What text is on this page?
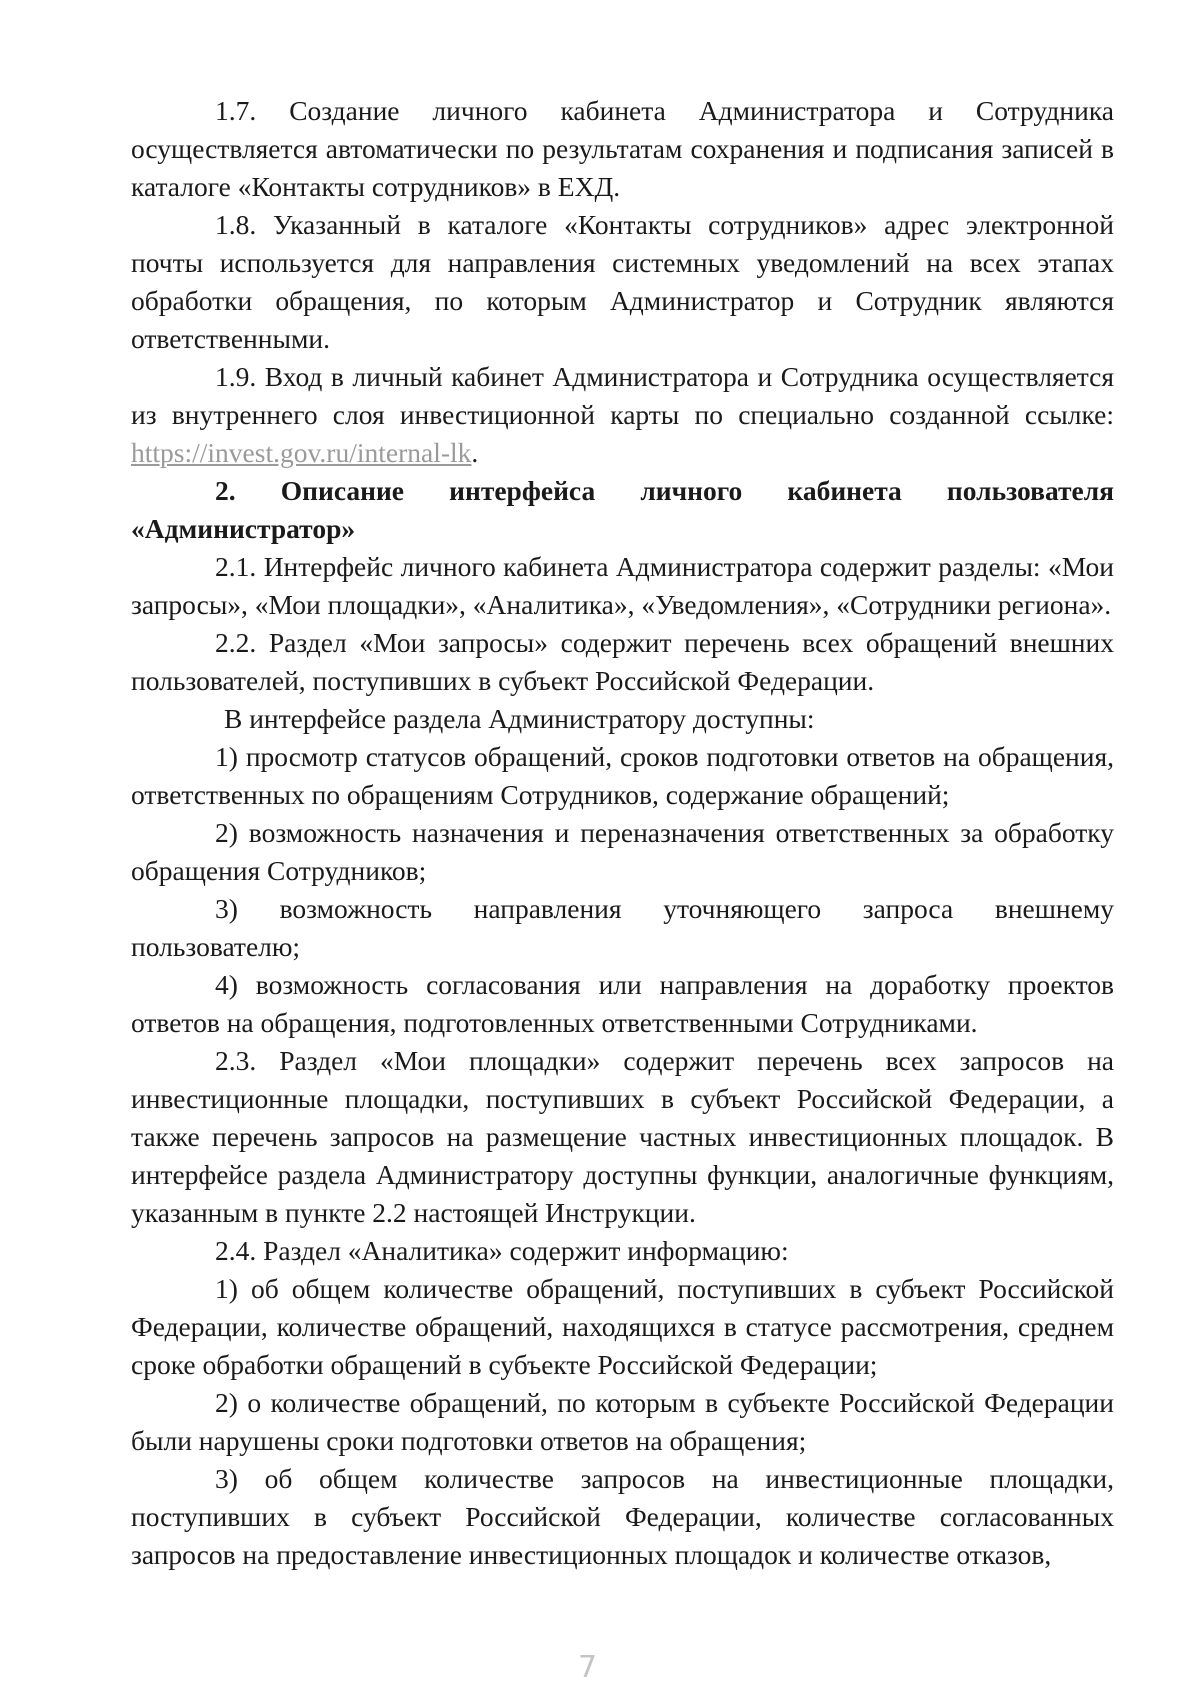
1.7. Создание личного кабинета Администратора и Сотрудника осуществляется автоматически по результатам сохранения и подписания записей в каталоге «Контакты сотрудников» в ЕХД.

1.8. Указанный в каталоге «Контакты сотрудников» адрес электронной почты используется для направления системных уведомлений на всех этапах обработки обращения, по которым Администратор и Сотрудник являются ответственными.

1.9. Вход в личный кабинет Администратора и Сотрудника осуществляется из внутреннего слоя инвестиционной карты по специально созданной ссылке: https://invest.gov.ru/internal-lk.

2. Описание интерфейса личного кабинета пользователя «Администратор»

2.1. Интерфейс личного кабинета Администратора содержит разделы: «Мои запросы», «Мои площадки», «Аналитика», «Уведомления», «Сотрудники региона».

2.2. Раздел «Мои запросы» содержит перечень всех обращений внешних пользователей, поступивших в субъект Российской Федерации.

В интерфейсе раздела Администратору доступны:

1) просмотр статусов обращений, сроков подготовки ответов на обращения, ответственных по обращениям Сотрудников, содержание обращений;

2) возможность назначения и переназначения ответственных за обработку обращения Сотрудников;

3) возможность направления уточняющего запроса внешнему пользователю;

4) возможность согласования или направления на доработку проектов ответов на обращения, подготовленных ответственными Сотрудниками.

2.3. Раздел «Мои площадки» содержит перечень всех запросов на инвестиционные площадки, поступивших в субъект Российской Федерации, а также перечень запросов на размещение частных инвестиционных площадок. В интерфейсе раздела Администратору доступны функции, аналогичные функциям, указанным в пункте 2.2 настоящей Инструкции.

2.4. Раздел «Аналитика» содержит информацию:

1) об общем количестве обращений, поступивших в субъект Российской Федерации, количестве обращений, находящихся в статусе рассмотрения, среднем сроке обработки обращений в субъекте Российской Федерации;

2) о количестве обращений, по которым в субъекте Российской Федерации были нарушены сроки подготовки ответов на обращения;

3) об общем количестве запросов на инвестиционные площадки, поступивших в субъект Российской Федерации, количестве согласованных запросов на предоставление инвестиционных площадок и количестве отказов,

7
